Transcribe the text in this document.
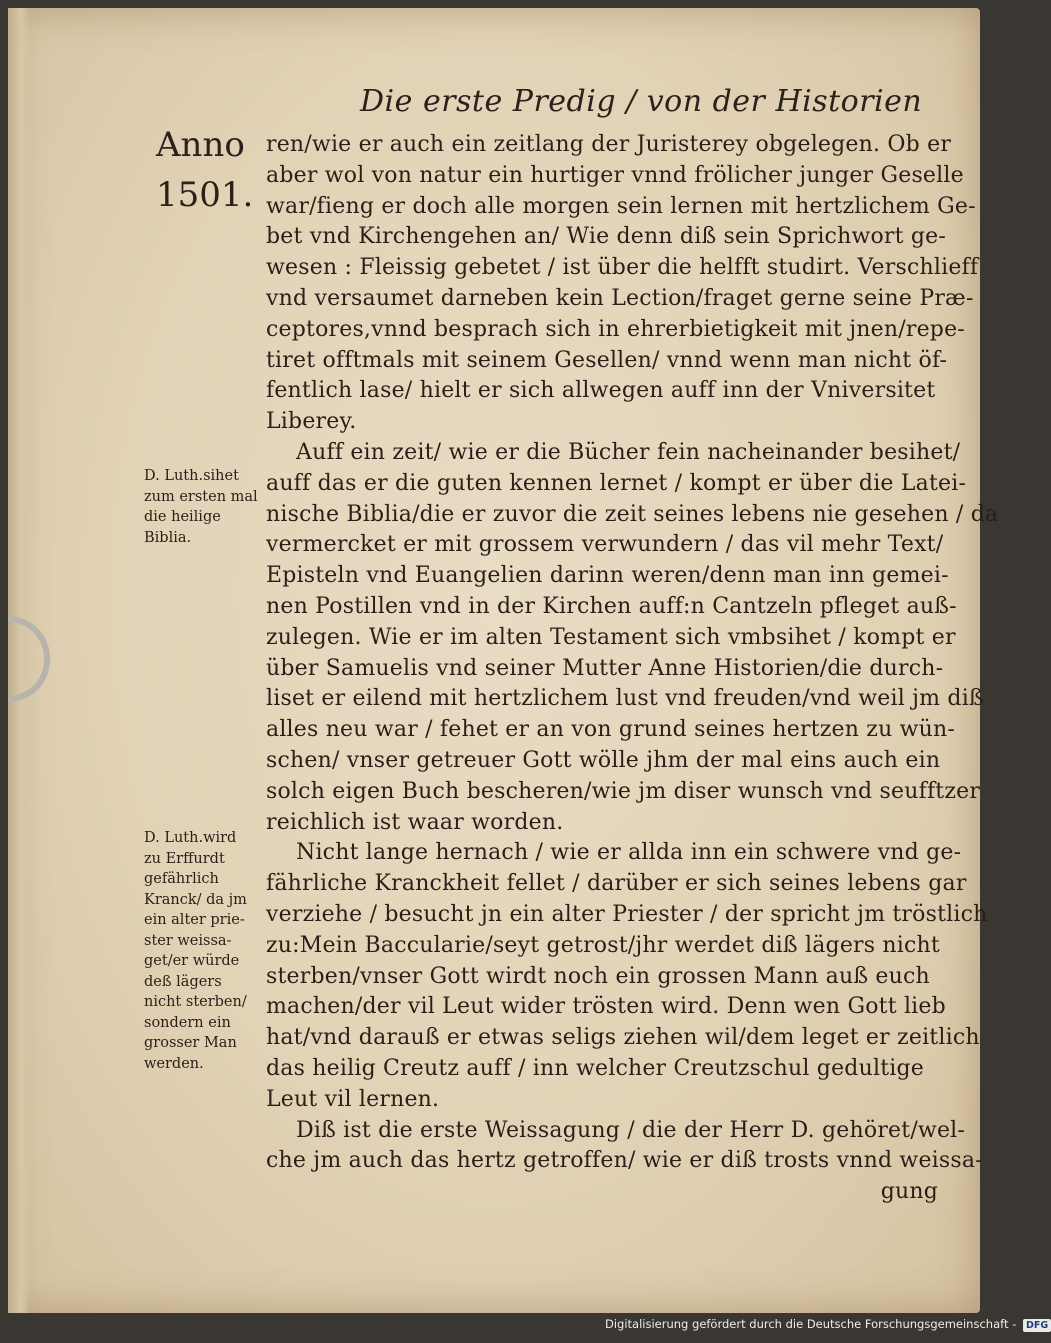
Die erste Predig / von der Historien
Anno
1501.
D. Luth.sihet
zum ersten mal
die heilige
Biblia.
D. Luth.wird
zu Erffurdt
gefährlich
Kranck/ da jm
ein alter prie-
ster weissa-
get/er würde
deß lägers
nicht sterben/
sondern ein
grosser Man
werden.
ren/wie er auch ein zeitlang der Juristerey obgelegen. Ob er
aber wol von natur ein hurtiger vnnd frölicher junger Geselle
war/fieng er doch alle morgen sein lernen mit hertzlichem Ge-
bet vnd Kirchengehen an/ Wie denn diß sein Sprichwort ge-
wesen : Fleissig gebetet / ist über die helfft studirt. Verschlieff
vnd versaumet darneben kein Lection/fraget gerne seine Præ-
ceptores,vnnd besprach sich in ehrerbietigkeit mit jnen/repe-
tiret offtmals mit seinem Gesellen/ vnnd wenn man nicht öf-
fentlich lase/ hielt er sich allwegen auff inn der Vniversitet
Liberey.
Auff ein zeit/ wie er die Bücher fein nacheinander besihet/
auff das er die guten kennen lernet / kompt er über die Latei-
nische Biblia/die er zuvor die zeit seines lebens nie gesehen / da
vermercket er mit grossem verwundern / das vil mehr Text/
Episteln vnd Euangelien darinn weren/denn man inn gemei-
nen Postillen vnd in der Kirchen auff:n Cantzeln pfleget auß-
zulegen. Wie er im alten Testament sich vmbsihet / kompt er
über Samuelis vnd seiner Mutter Anne Historien/die durch-
liset er eilend mit hertzlichem lust vnd freuden/vnd weil jm diß
alles neu war / fehet er an von grund seines hertzen zu wün-
schen/ vnser getreuer Gott wölle jhm der mal eins auch ein
solch eigen Buch bescheren/wie jm diser wunsch vnd seufftzer
reichlich ist waar worden.
Nicht lange hernach / wie er allda inn ein schwere vnd ge-
fährliche Kranckheit fellet / darüber er sich seines lebens gar
verziehe / besucht jn ein alter Priester / der spricht jm tröstlich
zu:Mein Baccularie/seyt getrost/jhr werdet diß lägers nicht
sterben/vnser Gott wirdt noch ein grossen Mann auß euch
machen/der vil Leut wider trösten wird. Denn wen Gott lieb
hat/vnd darauß er etwas seligs ziehen wil/dem leget er zeitlich
das heilig Creutz auff / inn welcher Creutzschul gedultige
Leut vil lernen.
Diß ist die erste Weissagung / die der Herr D. gehöret/wel-
che jm auch das hertz getroffen/ wie er diß trosts vnnd weissa-
gung
Digitalisierung gefördert durch die Deutsche Forschungsgemeinschaft - DFG
